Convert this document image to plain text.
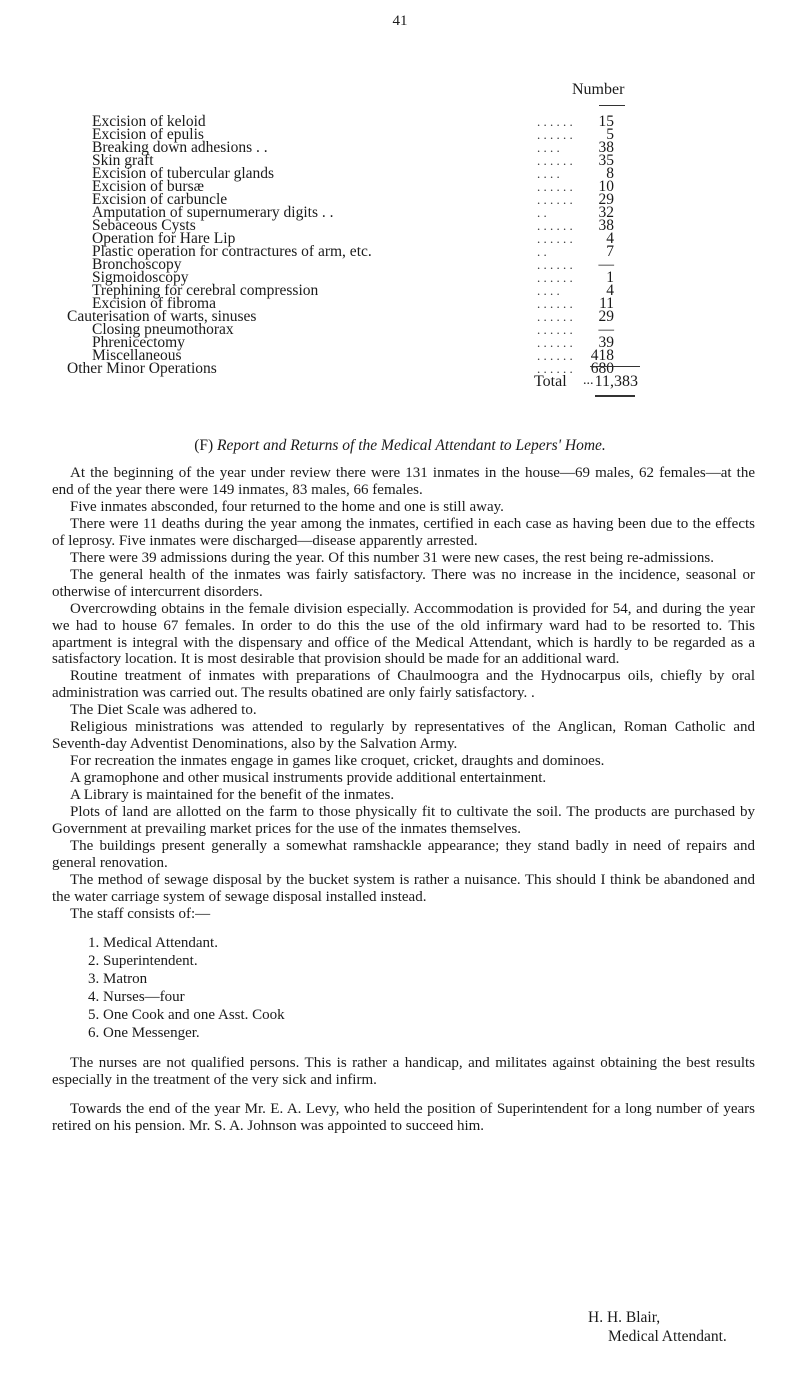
41
Number
Excision of keloid	. . . . . .	15
Excision of epulis	. . . . . .	5
Breaking down adhesions . .	. . . .	38
Skin graft	. . . . . .	35
Excision of tubercular glands	. . . .	8
Excision of bursæ	. . . . . .	10
Excision of carbuncle	. . . . . .	29
Amputation of supernumerary digits . .	. .	32
Sebaceous Cysts	. . . . . .	38
Operation for Hare Lip	. . . . . .	4
Plastic operation for contractures of arm, etc.	. .	7
Bronchoscopy	. . . . . .	—
Sigmoidoscopy	. . . . . .	1
Trephining for cerebral compression	. . . .	4
Excision of fibroma	. . . . . .	11
Cauterisation of warts, sinuses	. . . . . .	29
Closing pneumothorax	. . . . . .	—
Phrenicectomy	. . . . . .	39
Miscellaneous	. . . . . .	418
Other Minor Operations	. . . . . .	680
Total ... 11,383
(F) Report and Returns of the Medical Attendant to Lepers' Home.
At the beginning of the year under review there were 131 inmates in the house—69 males, 62 females—at the end of the year there were 149 inmates, 83 males, 66 females.
Five inmates absconded, four returned to the home and one is still away.
There were 11 deaths during the year among the inmates, certified in each case as having been due to the effects of leprosy. Five inmates were discharged—disease apparently arrested.
There were 39 admissions during the year. Of this number 31 were new cases, the rest being re-admissions.
The general health of the inmates was fairly satisfactory. There was no increase in the incidence, seasonal or otherwise of intercurrent disorders.
Overcrowding obtains in the female division especially. Accommodation is provided for 54, and during the year we had to house 67 females. In order to do this the use of the old infirmary ward had to be resorted to. This apartment is integral with the dispensary and office of the Medical Attendant, which is hardly to be regarded as a satisfactory location. It is most desirable that provision should be made for an additional ward.
Routine treatment of inmates with preparations of Chaulmoogra and the Hydnocarpus oils, chiefly by oral administration was carried out. The results obatined are only fairly satisfactory. .
The Diet Scale was adhered to.
Religious ministrations was attended to regularly by representatives of the Anglican, Roman Catholic and Seventh-day Adventist Denominations, also by the Salvation Army.
For recreation the inmates engage in games like croquet, cricket, draughts and dominoes.
A gramophone and other musical instruments provide additional entertainment.
A Library is maintained for the benefit of the inmates.
Plots of land are allotted on the farm to those physically fit to cultivate the soil. The products are purchased by Government at prevailing market prices for the use of the inmates themselves.
The buildings present generally a somewhat ramshackle appearance; they stand badly in need of repairs and general renovation.
The method of sewage disposal by the bucket system is rather a nuisance. This should I think be abandoned and the water carriage system of sewage disposal installed instead.
The staff consists of:—
1. Medical Attendant.
2. Superintendent.
3. Matron
4. Nurses—four
5. One Cook and one Asst. Cook
6. One Messenger.
The nurses are not qualified persons. This is rather a handicap, and militates against obtaining the best results especially in the treatment of the very sick and infirm.
Towards the end of the year Mr. E. A. Levy, who held the position of Superintendent for a long number of years retired on his pension. Mr. S. A. Johnson was appointed to succeed him.
H. H. Blair,
Medical Attendant.
